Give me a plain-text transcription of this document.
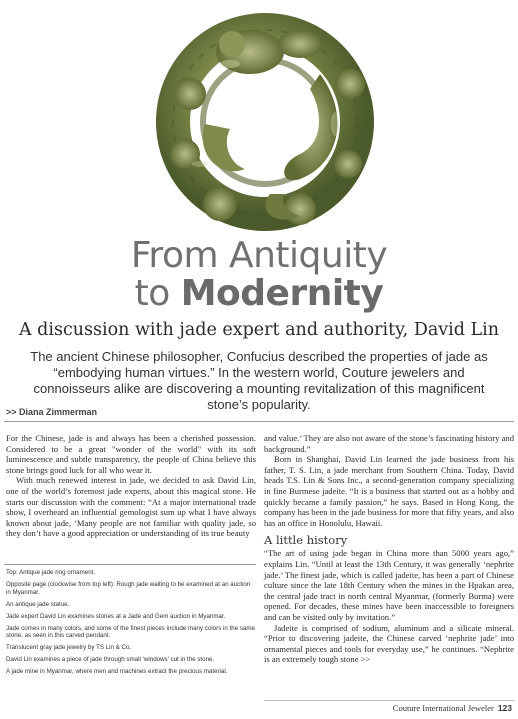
From Antiquity
to Modernity
A discussion with jade expert and authority, David Lin
The ancient Chinese philosopher, Confucius described the properties of jade as “embodying human virtues.” In the western world, Couture jewelers and connoisseurs alike are discovering a mounting revitalization of this magnificent stone’s popularity.
>> Diana Zimmerman

For the Chinese, jade is and always has been a cherished possession. Considered to be a great "wonder of the world" with its soft luminescence and subtle transparency, the people of China believe this stone brings good luck for all who wear it.

With much renewed interest in jade, we decided to ask David Lin, one of the world’s foremost jade experts, about this magical stone. He starts our discussion with the comment: “At a major international trade show, I overheard an influential gemologist sum up what I have always known about jade, ‘Many people are not familiar with quality jade, so they don’t have a good appreciation or understanding of its true beauty

Top: Antique jade ring ornament.
Opposite page (clockwise from top left): Rough jade waiting to be examined at an auction in Myanmar.
An antique jade statue.
Jade expert David Lin examines stones at a Jade and Gem auction in Myanmar.
Jade comes in many colors, and some of the finest pieces include many colors in the same stone, as seen in this carved pendant.
Translucent gray jade jewelry by TS Lin & Co.
David Lin examines a piece of jade through small ‘windows’ cut in the stone.
A jade mine in Myanmar, where men and machines extract the precious material.

and value.’ They are also not aware of the stone’s fascinating history and background.”

Born in Shanghai, David Lin learned the jade business from his father, T. S. Lin, a jade merchant from Southern China. Today, David heads T.S. Lin & Sons Inc., a second-generation company specializing in fine Burmese jadeite. “It is a business that started out as a hobby and quickly became a family passion,” he says. Based in Hong Kong, the company has been in the jade business for more that fifty years, and also has an office in Honolulu, Hawaii.

A little history

“The art of using jade began in China more than 5000 years ago,” explains Lin. “Until at least the 13th Century, it was generally ‘nephrite jade.’ The finest jade, which is called jadeite, has been a part of Chinese culture since the late 18th Century when the mines in the Hpakan area, the central jade tract in north central Myanmar, (formerly Burma) were opened. For decades, these mines have been inaccessible to foreigners and can be visited only by invitation.”

Jadeite is comprised of sodium, aluminum and a silicate mineral. “Prior to discovering jadeite, the Chinese carved ‘nephrite jade’ into ornamental pieces and tools for everyday use,” he continues. “Nephrite is an extremely tough stone >>

Couture International Jeweler 123
